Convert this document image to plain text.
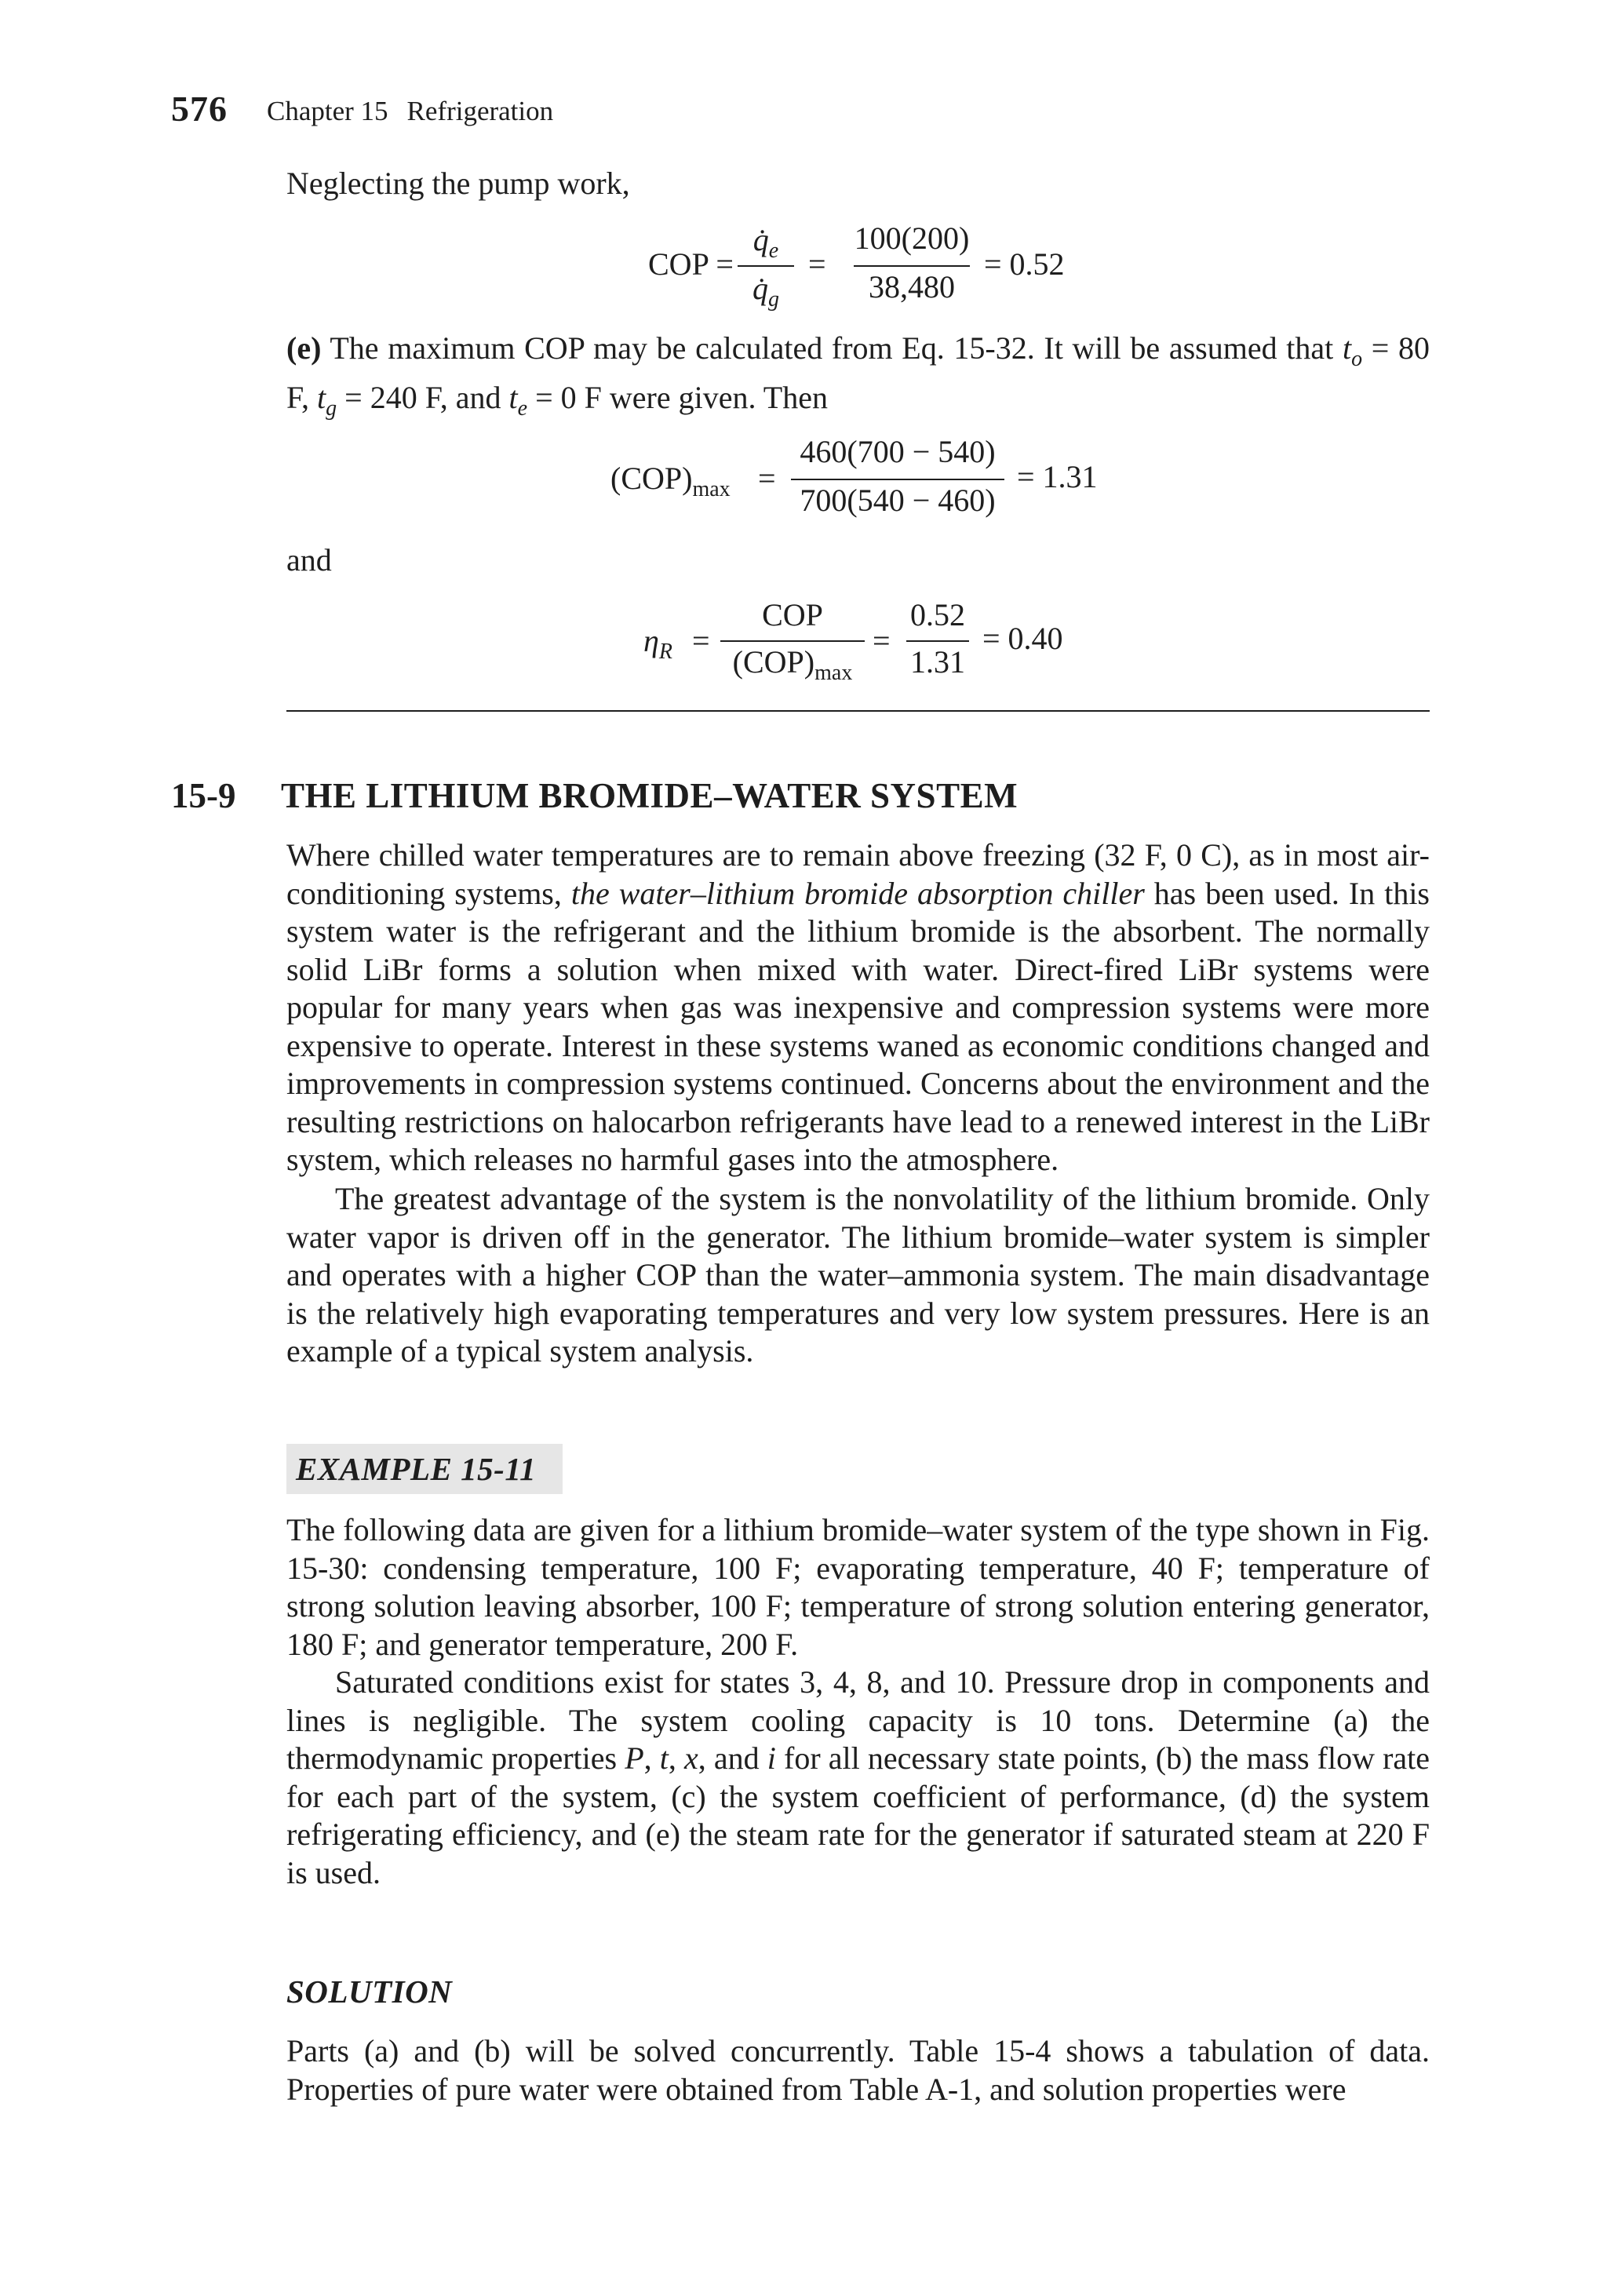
576 Chapter 15 Refrigeration
Neglecting the pump work,
COP =
$q̇_e$
$q̇_g$
=
100(200)
38,480
= 0.52
(e) The maximum COP may be calculated from Eq. 15-32. It will be assumed that $t_o = 80$ F, $t_g = 240$ F, and $t_e = 0$ F were given. Then
$(COP)_{max}$ =
460(700 − 540)
700(540 − 460)
= 1.31
and
$\eta_R$ =
COP
$(COP)_{max}$
=
0.52
1.31
= 0.40
15-9 THE LITHIUM BROMIDE–WATER SYSTEM
Where chilled water temperatures are to remain above freezing (32 F, 0 C), as in most air-conditioning systems, the water–lithium bromide absorption chiller has been used. In this system water is the refrigerant and the lithium bromide is the absorbent. The normally solid LiBr forms a solution when mixed with water. Direct-fired LiBr systems were popular for many years when gas was inexpensive and compression systems were more expensive to operate. Interest in these systems waned as economic conditions changed and improvements in compression systems continued. Concerns about the environment and the resulting restrictions on halocarbon refrigerants have lead to a renewed interest in the LiBr system, which releases no harmful gases into the atmosphere.
The greatest advantage of the system is the nonvolatility of the lithium bromide. Only water vapor is driven off in the generator. The lithium bromide–water system is simpler and operates with a higher COP than the water–ammonia system. The main disadvantage is the relatively high evaporating temperatures and very low system pressures. Here is an example of a typical system analysis.
EXAMPLE 15-11
The following data are given for a lithium bromide–water system of the type shown in Fig. 15-30: condensing temperature, 100 F; evaporating temperature, 40 F; temperature of strong solution leaving absorber, 100 F; temperature of strong solution entering generator, 180 F; and generator temperature, 200 F.
Saturated conditions exist for states 3, 4, 8, and 10. Pressure drop in components and lines is negligible. The system cooling capacity is 10 tons. Determine (a) the thermodynamic properties P, t, x, and i for all necessary state points, (b) the mass flow rate for each part of the system, (c) the system coefficient of performance, (d) the system refrigerating efficiency, and (e) the steam rate for the generator if saturated steam at 220 F is used.
SOLUTION
Parts (a) and (b) will be solved concurrently. Table 15-4 shows a tabulation of data. Properties of pure water were obtained from Table A-1, and solution properties were
